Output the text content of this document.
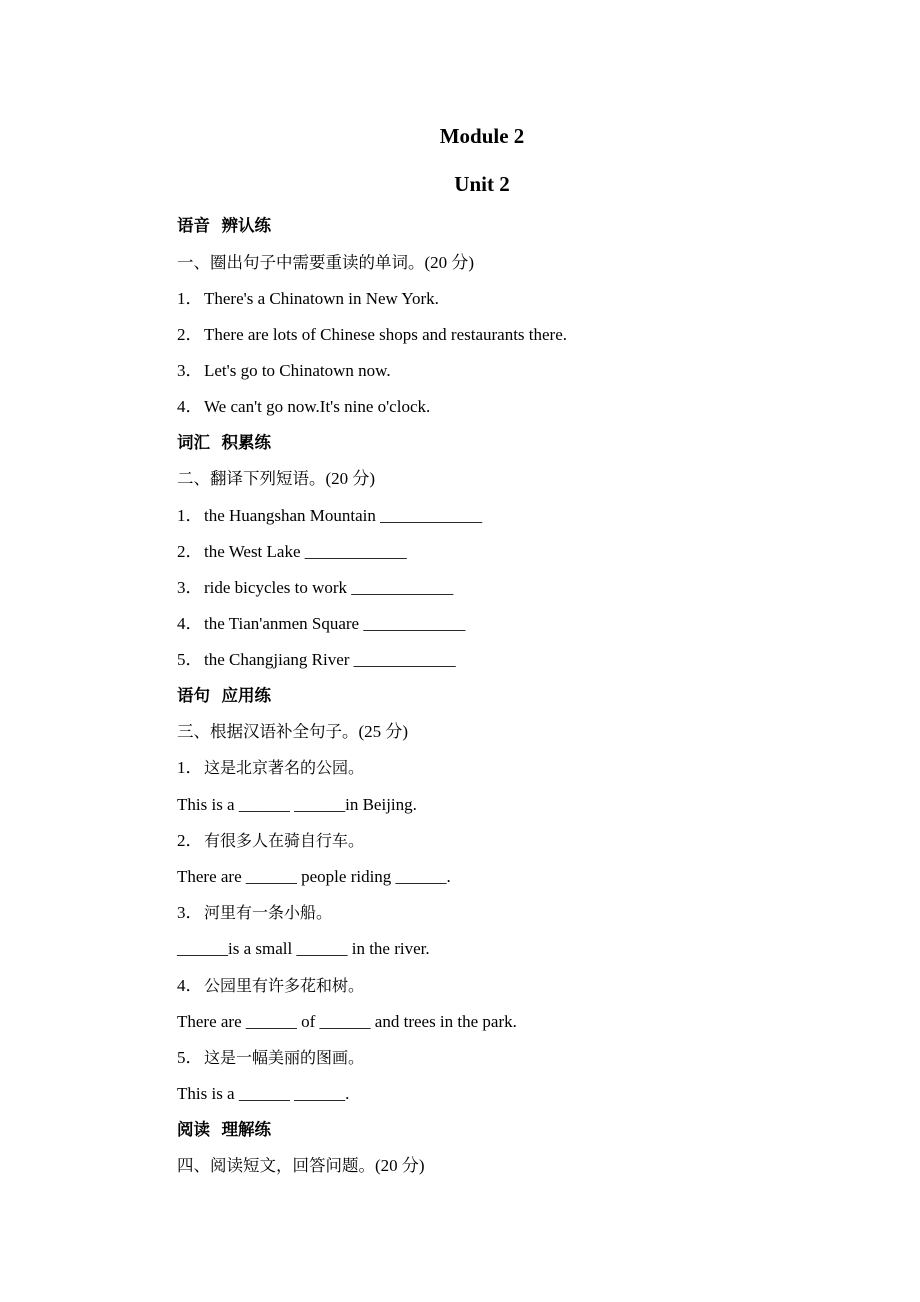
Module 2
Unit 2
语音  辨认练
一、圈出句子中需要重读的单词。(20 分)
1．There's a Chinatown in New York.
2．There are lots of Chinese shops and restaurants there.
3．Let's go to Chinatown now.
4．We can't go now.It's nine o'clock.
词汇  积累练
二、翻译下列短语。(20 分)
1．the Huangshan Mountain ____________
2．the West Lake ____________
3．ride bicycles to work ____________
4．the Tian'anmen Square ____________
5．the Changjiang River ____________
语句  应用练
三、根据汉语补全句子。(25 分)
1．这是北京著名的公园。
This is a ______ ______in Beijing.
2．有很多人在骑自行车。
There are ______ people riding ______.
3．河里有一条小船。
______is a small ______ in the river.
4．公园里有许多花和树。
There are ______ of ______ and trees in the park.
5．这是一幅美丽的图画。
This is a ______ ______.
阅读  理解练
四、阅读短文，回答问题。(20 分)
